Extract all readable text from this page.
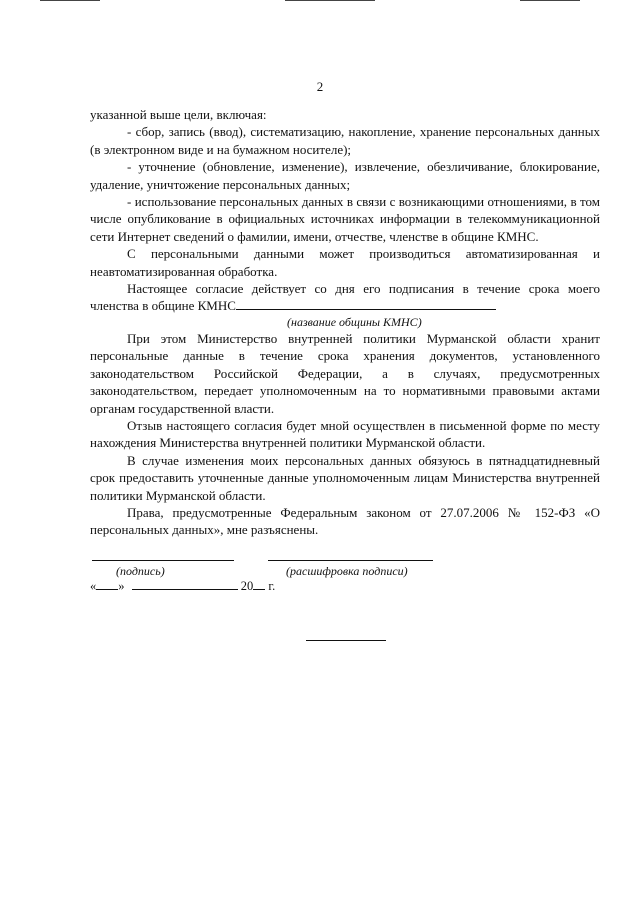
2

указанной выше цели, включая:

- сбор, запись (ввод), систематизацию, накопление, хранение персональных данных (в электронном виде и на бумажном носителе);

- уточнение (обновление, изменение), извлечение, обезличивание, блокирование, удаление, уничтожение персональных данных;

- использование персональных данных в связи с возникающими отношениями, в том числе опубликование в официальных источниках информации в телекоммуникационной сети Интернет сведений о фамилии, имени, отчестве, членстве в общине КМНС.

С персональными данными может производиться автоматизированная и неавтоматизированная обработка.

Настоящее согласие действует со дня его подписания в течение срока моего членства в общине КМНС

(название общины КМНС)

При этом Министерство внутренней политики Мурманской области хранит персональные данные в течение срока хранения документов, установленного законодательством Российской Федерации, а в случаях, предусмотренных законодательством, передает уполномоченным на то нормативными правовыми актами органам государственной власти.

Отзыв настоящего согласия будет мной осуществлен в письменной форме по месту нахождения Министерства внутренней политики Мурманской области.

В случае изменения моих персональных данных обязуюсь в пятнадцатидневный срок предоставить уточненные данные уполномоченным лицам Министерства внутренней политики Мурманской области.

Права, предусмотренные Федеральным законом от 27.07.2006 № 152-ФЗ «О персональных данных», мне разъяснены.

(подпись)	(расшифровка подписи)
« »	20 г.
